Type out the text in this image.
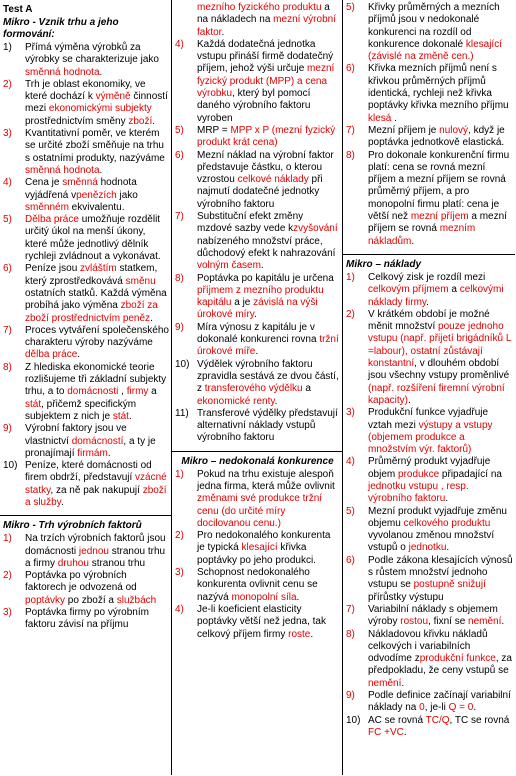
Test A
Mikro - Vznik trhu a jeho formování:
1) Přímá výměna výrobků za výrobky se charakterizuje jako směnná hodnota.
2) Trh je oblast ekonomiky, ve které dochází k výměně činností mezi ekonomickými subjekty prostřednictvím směny zboží.
3) Kvantitativní poměr, ve kterém se určité zboží směňuje na trhu s ostatními produkty, nazýváme směnná hodnota.
4) Cena je směnná hodnota vyjádřená vpenězích jako směnném ekvivalentu.
5) Dělba práce umožňuje rozdělit určitý úkol na menší úkony, které může jednotlivý dělník rychleji zvládnout a vykonávat.
6) Peníze jsou zvláštím statkem, který zprostředkovává směnu ostatních statků. Každá výměna probíhá jako výměna zboží za zboží prostřednictvím peněz.
7) Proces vytváření společenského charakteru výroby nazýváme dělba práce.
8) Z hlediska ekonomické teorie rozlišujeme tři základní subjekty trhu, a to domácnosti , firmy a stát, přičemž specifickým subjektem z nich je stát.
9) Výrobní faktory jsou ve vlastnictví domácností, a ty je pronajímají firmám.
10) Peníze, které domácnosti od firem obdrží, představují vzácné statky, za ně pak nakupují zboží a služby.
Mikro - Trh výrobních faktorů
1) Na trzích výrobních faktorů jsou domácnosti jednou stranou trhu a firmy druhou stranou trhu
2) Poptávka po výrobních faktorech je odvozená od poptávky po zboží a službách
3) Poptávka firmy po výrobním faktoru závisí na příjmu
mezního fyzického produktu a na nákladech na mezní výrobní faktor.
4) Každá dodatečná jednotka vstupu přináší firmě dodatečný příjem, jehož výši určuje mezní fyzický produkt (MPP) a cena výrobku, který byl pomocí daného výrobního faktoru vyroben
5) MRP = MPP x P (mezní fyzický produkt krát cena)
6) Mezní náklad na výrobní faktor představuje částku, o kterou vzrostou celkové náklady při najmutí dodatečné jednotky výrobního faktoru
7) Substituční efekt změny mzdové sazby vede kzvyšování nabízeného množství práce, důchodový efekt k nahrazování volným časem.
8) Poptávka po kapitálu je určena příjmem z mezního produktu kapitálu a je závislá na výši úrokové míry.
9) Míra výnosu z kapitálu je v dokonalé konkurenci rovna tržní úrokové míře.
10) Výdělek výrobního faktoru zpravidla sestává ze dvou částí, z transferového výdělku a ekonomické renty.
11) Transferové výdělky představují alternativní náklady vstupů výrobního faktoru
Mikro – nedokonalá konkurence
1) Pokud na trhu existuje alespoň jedna firma, která může ovlivnit změnami své produkce tržní cenu (do určité míry docilovanou cenu.)
2) Pro nedokonalého konkurenta je typická klesající křivka poptávky po jeho produkci.
3) Schopnost nedokonalého konkurenta ovlivnit cenu se nazývá monopolní síla.
4) Je-li koeficient elasticity poptávky větší než jedna, tak celkový příjem firmy roste.
5) Křivky průměrných a mezních příjmů jsou v nedokonalé konkurenci na rozdíl od konkurence dokonalé klesající (závislé na změně cen.)
6) Křivka mezních příjmů není s křivkou průměrných příjmů identická, rychleji než křivka poptávky křivka mezního příjmu klesá .
7) Mezní příjem je nulový, když je poptávka jednotkově elastická.
8) Pro dokonale konkurenční firmu platí: cena se rovná mezní příjem a mezní příjem se rovná průměrný příjem, a pro monopolní firmu platí: cena je větší než mezní příjem a mezní příjem se rovná mezním nákladům.
Mikro – náklady
1) Celkový zisk je rozdíl mezi celkovým příjmem a celkovými náklady firmy.
2) V krátkém období je možné měnit množství pouze jednoho vstupu (např. přijetí brigádníků L =labour), ostatní zůstávají konstantní, v dlouhém období jsou všechny vstupy proměnlivé (např. rozšíření firemní výrobní kapacity).
3) Produkční funkce vyjadřuje vztah mezi výstupy a vstupy (objemem produkce a množstvím výr. faktorů)
4) Průměrný produkt vyjadřuje objem produkce připadající na jednotku vstupu , resp. výrobního faktoru.
5) Mezní produkt vyjadřuje změnu objemu celkového produktu vyvolanou změnou množství vstupů o jednotku.
6) Podle zákona klesajících výnosů s růstem množství jednoho vstupu se postupně snižují přírůstky výstupu
7) Variabilní náklady s objemem výroby rostou, fixní se nemění.
8) Nákladovou křivku nákladů celkových i variabilních odvodíme zprodukční funkce, za předpokladu, že ceny vstupů se nemění.
9) Podle definice začínají variabilní náklady na 0, je-li Q = 0.
10) AC se rovná TC/Q, TC se rovná FC +VC.
